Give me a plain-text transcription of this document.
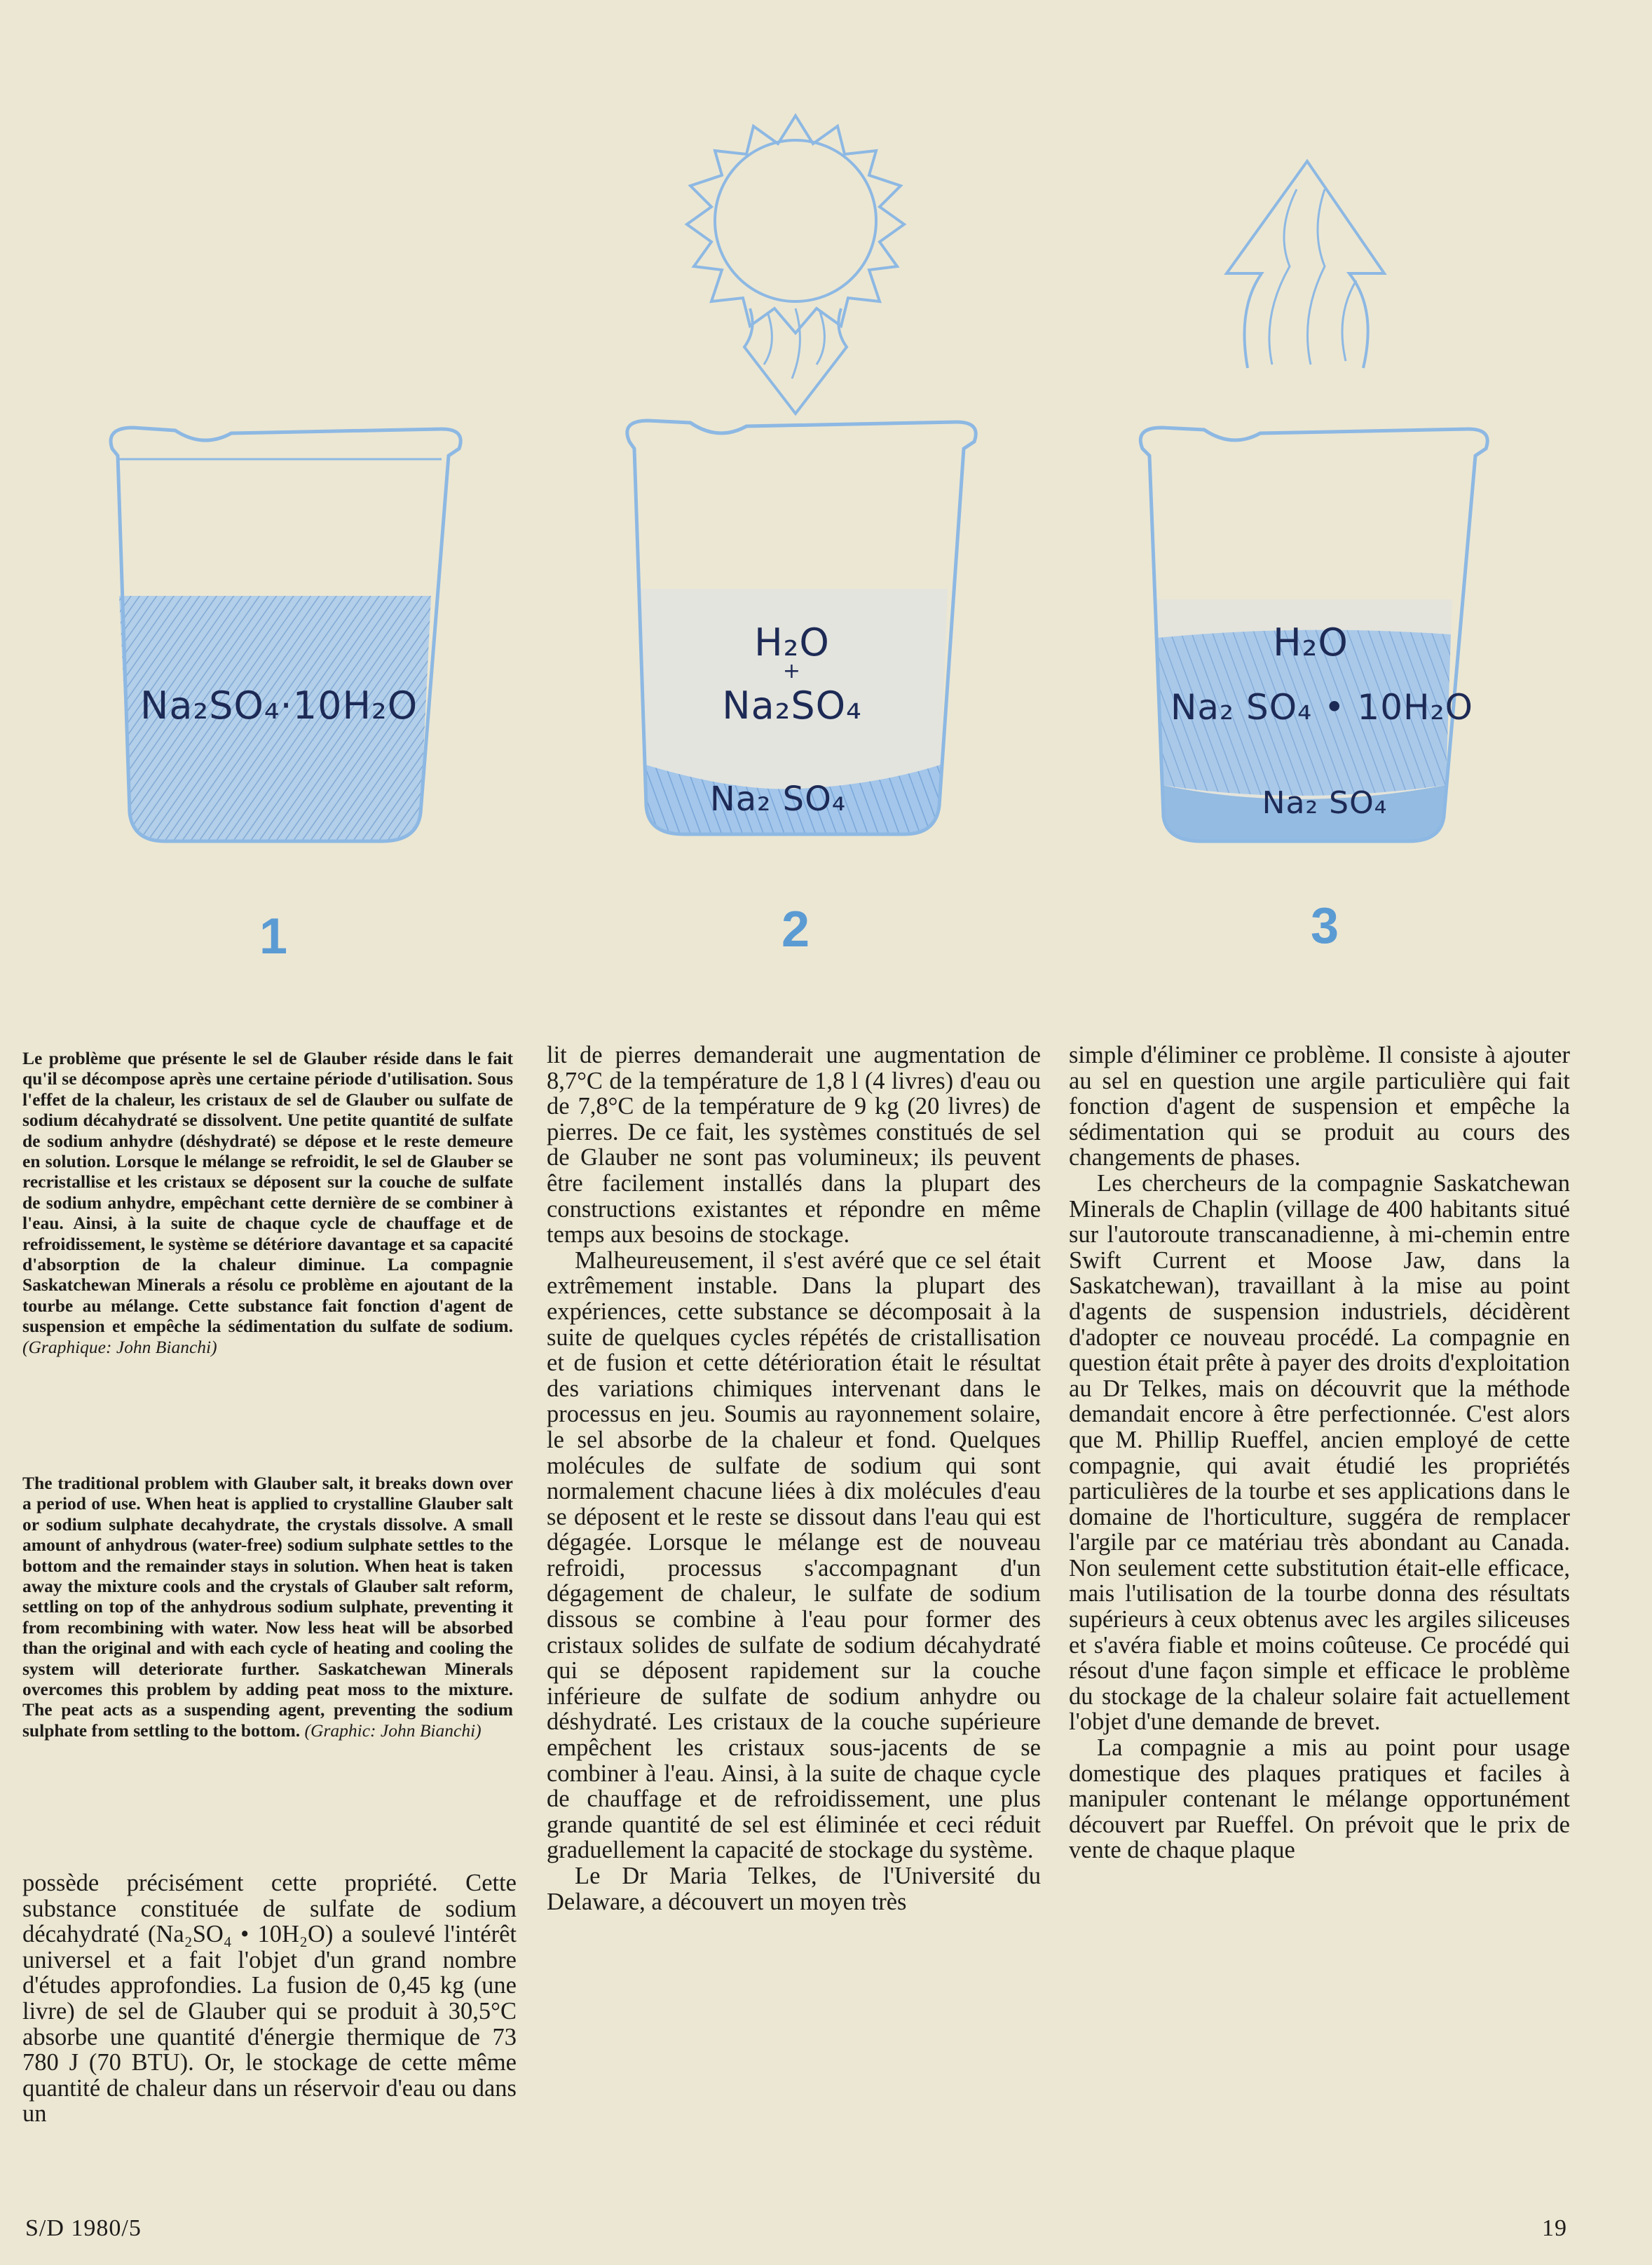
Na₂SO₄·10H₂O
H₂O
+
Na₂SO₄
Na₂ SO₄
H₂O
Na₂ SO₄ • 10H₂O
Na₂ SO₄
1	2	3
Le problème que présente le sel de Glauber réside dans le fait qu'il se décompose après une certaine période d'utilisation. Sous l'effet de la chaleur, les cristaux de sel de Glauber ou sulfate de sodium décahydraté se dissolvent. Une petite quantité de sulfate de sodium anhydre (déshydraté) se dépose et le reste demeure en solution. Lorsque le mélange se refroidit, le sel de Glauber se recristallise et les cristaux se déposent sur la couche de sulfate de sodium anhydre, empêchant cette dernière de se combiner à l'eau. Ainsi, à la suite de chaque cycle de chauffage et de refroidissement, le système se détériore davantage et sa capacité d'absorption de la chaleur diminue. La compagnie Saskatchewan Minerals a résolu ce problème en ajoutant de la tourbe au mélange. Cette substance fait fonction d'agent de suspension et empêche la sédimentation du sulfate de sodium. (Graphique: John Bianchi)
The traditional problem with Glauber salt, it breaks down over a period of use. When heat is applied to crystalline Glauber salt or sodium sulphate decahydrate, the crystals dissolve. A small amount of anhydrous (water-free) sodium sulphate settles to the bottom and the remainder stays in solution. When heat is taken away the mixture cools and the crystals of Glauber salt reform, settling on top of the anhydrous sodium sulphate, preventing it from recombining with water. Now less heat will be absorbed than the original and with each cycle of heating and cooling the system will deteriorate further. Saskatchewan Minerals overcomes this problem by adding peat moss to the mixture. The peat acts as a suspending agent, preventing the sodium sulphate from settling to the bottom. (Graphic: John Bianchi)

possède précisément cette propriété. Cette substance constituée de sulfate de sodium décahydraté (Na₂SO₄ • 10H₂O) a soulevé l'intérêt universel et a fait l'objet d'un grand nombre d'études approfondies. La fusion de 0,45 kg (une livre) de sel de Glauber qui se produit à 30,5°C absorbe une quantité d'énergie thermique de 73 780 J (70 BTU). Or, le stockage de cette même quantité de chaleur dans un réservoir d'eau ou dans un

lit de pierres demanderait une augmentation de 8,7°C de la température de 1,8 l (4 livres) d'eau ou de 7,8°C de la température de 9 kg (20 livres) de pierres. De ce fait, les systèmes constitués de sel de Glauber ne sont pas volumineux; ils peuvent être facilement installés dans la plupart des constructions existantes et répondre en même temps aux besoins de stockage.

Malheureusement, il s'est avéré que ce sel était extrêmement instable. Dans la plupart des expériences, cette substance se décomposait à la suite de quelques cycles répétés de cristallisation et de fusion et cette détérioration était le résultat des variations chimiques intervenant dans le processus en jeu. Soumis au rayonnement solaire, le sel absorbe de la chaleur et fond. Quelques molécules de sulfate de sodium qui sont normalement chacune liées à dix molécules d'eau se déposent et le reste se dissout dans l'eau qui est dégagée. Lorsque le mélange est de nouveau refroidi, processus s'accompagnant d'un dégagement de chaleur, le sulfate de sodium dissous se combine à l'eau pour former des cristaux solides de sulfate de sodium décahydraté qui se déposent rapidement sur la couche inférieure de sulfate de sodium anhydre ou déshydraté. Les cristaux de la couche supérieure empêchent les cristaux sous-jacents de se combiner à l'eau. Ainsi, à la suite de chaque cycle de chauffage et de refroidissement, une plus grande quantité de sel est éliminée et ceci réduit graduellement la capacité de stockage du système.

Le Dr Maria Telkes, de l'Université du Delaware, a découvert un moyen très

simple d'éliminer ce problème. Il consiste à ajouter au sel en question une argile particulière qui fait fonction d'agent de suspension et empêche la sédimentation qui se produit au cours des changements de phases.

Les chercheurs de la compagnie Saskatchewan Minerals de Chaplin (village de 400 habitants situé sur l'autoroute transcanadienne, à mi-chemin entre Swift Current et Moose Jaw, dans la Saskatchewan), travaillant à la mise au point d'agents de suspension industriels, décidèrent d'adopter ce nouveau procédé. La compagnie en question était prête à payer des droits d'exploitation au Dr Telkes, mais on découvrit que la méthode demandait encore à être perfectionnée. C'est alors que M. Phillip Rueffel, ancien employé de cette compagnie, qui avait étudié les propriétés particulières de la tourbe et ses applications dans le domaine de l'horticulture, suggéra de remplacer l'argile par ce matériau très abondant au Canada. Non seulement cette substitution était-elle efficace, mais l'utilisation de la tourbe donna des résultats supérieurs à ceux obtenus avec les argiles siliceuses et s'avéra fiable et moins coûteuse. Ce procédé qui résout d'une façon simple et efficace le problème du stockage de la chaleur solaire fait actuellement l'objet d'une demande de brevet.

La compagnie a mis au point pour usage domestique des plaques pratiques et faciles à manipuler contenant le mélange opportunément découvert par Rueffel. On prévoit que le prix de vente de chaque plaque

S/D 1980/5	19
